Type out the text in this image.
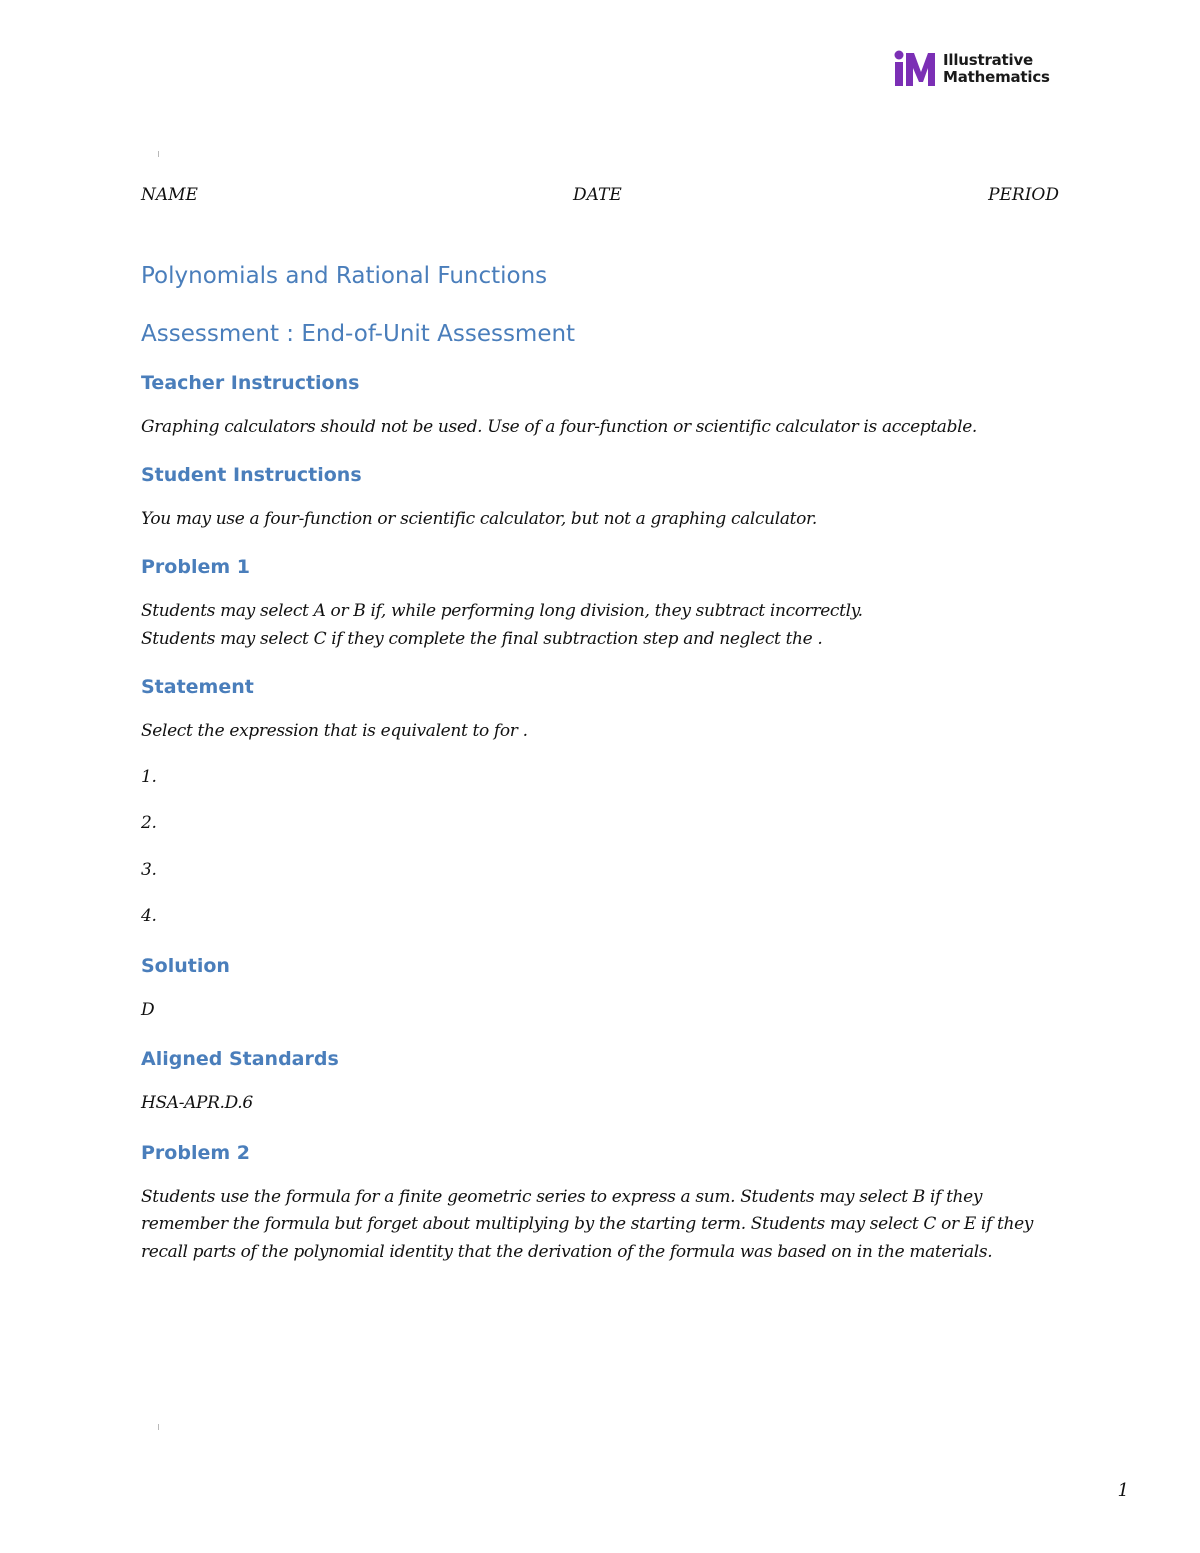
Illustrative
Mathematics
NAME	DATE	PERIOD
Polynomials and Rational Functions
Assessment : End-of-Unit Assessment
Teacher Instructions

Graphing calculators should not be used. Use of a four-function or scientific calculator is acceptable.

Student Instructions

You may use a four-function or scientific calculator, but not a graphing calculator.

Problem 1

Students may select A or B if, while performing long division, they subtract incorrectly.

Students may select C if they complete the final subtraction step and neglect the .

Statement

Select the expression that is equivalent to for .

1.

2.

3.

4.

Solution

D

Aligned Standards

HSA-APR.D.6

Problem 2

Students use the formula for a finite geometric series to express a sum. Students may select B if they remember the formula but forget about multiplying by the starting term. Students may select C or E if they recall parts of the polynomial identity that the derivation of the formula was based on in the materials.

1
